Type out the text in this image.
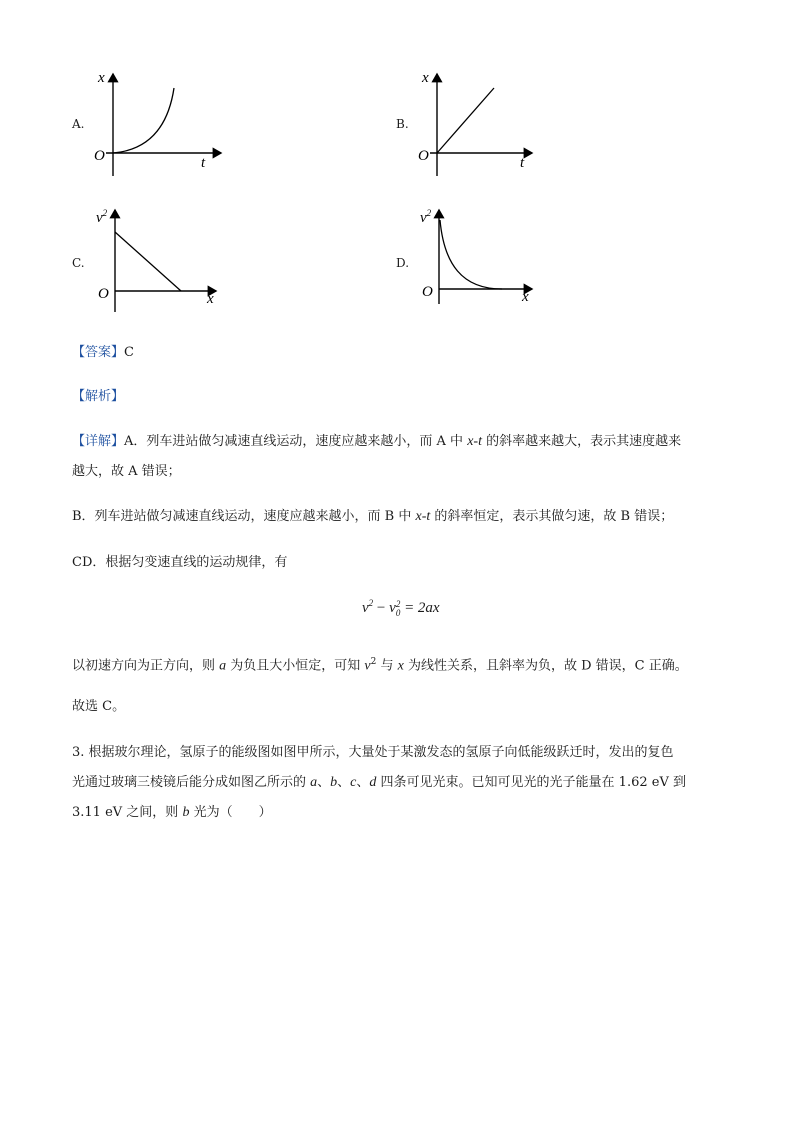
A.
x
t
O
B.
x
t
O
C.
$v^2$
x
O
D.
$v^2$
x
O
【答案】C
【解析】
【详解】A．列车进站做匀减速直线运动，速度应越来越小，而 A 中 x-t 的斜率越来越大，表示其速度越来
越大，故 A 错误；
B．列车进站做匀减速直线运动，速度应越来越小，而 B 中 x-t 的斜率恒定，表示其做匀速，故 B 错误；
CD．根据匀变速直线的运动规律，有
$v^2 - v$ 2
0 = 2ax
以初速方向为正方向，则 a 为负且大小恒定，可知 $v^2$ 与 x 为线性关系，且斜率为负，故 D 错误，C 正确。
故选 C。
3. 根据玻尔理论，氢原子的能级图如图甲所示，大量处于某激发态的氢原子向低能级跃迁时，发出的复色
光通过玻璃三棱镜后能分成如图乙所示的 a、b、c、d 四条可见光束。已知可见光的光子能量在 1.62 eV 到
3.11 eV 之间，则 b 光为（　　）
